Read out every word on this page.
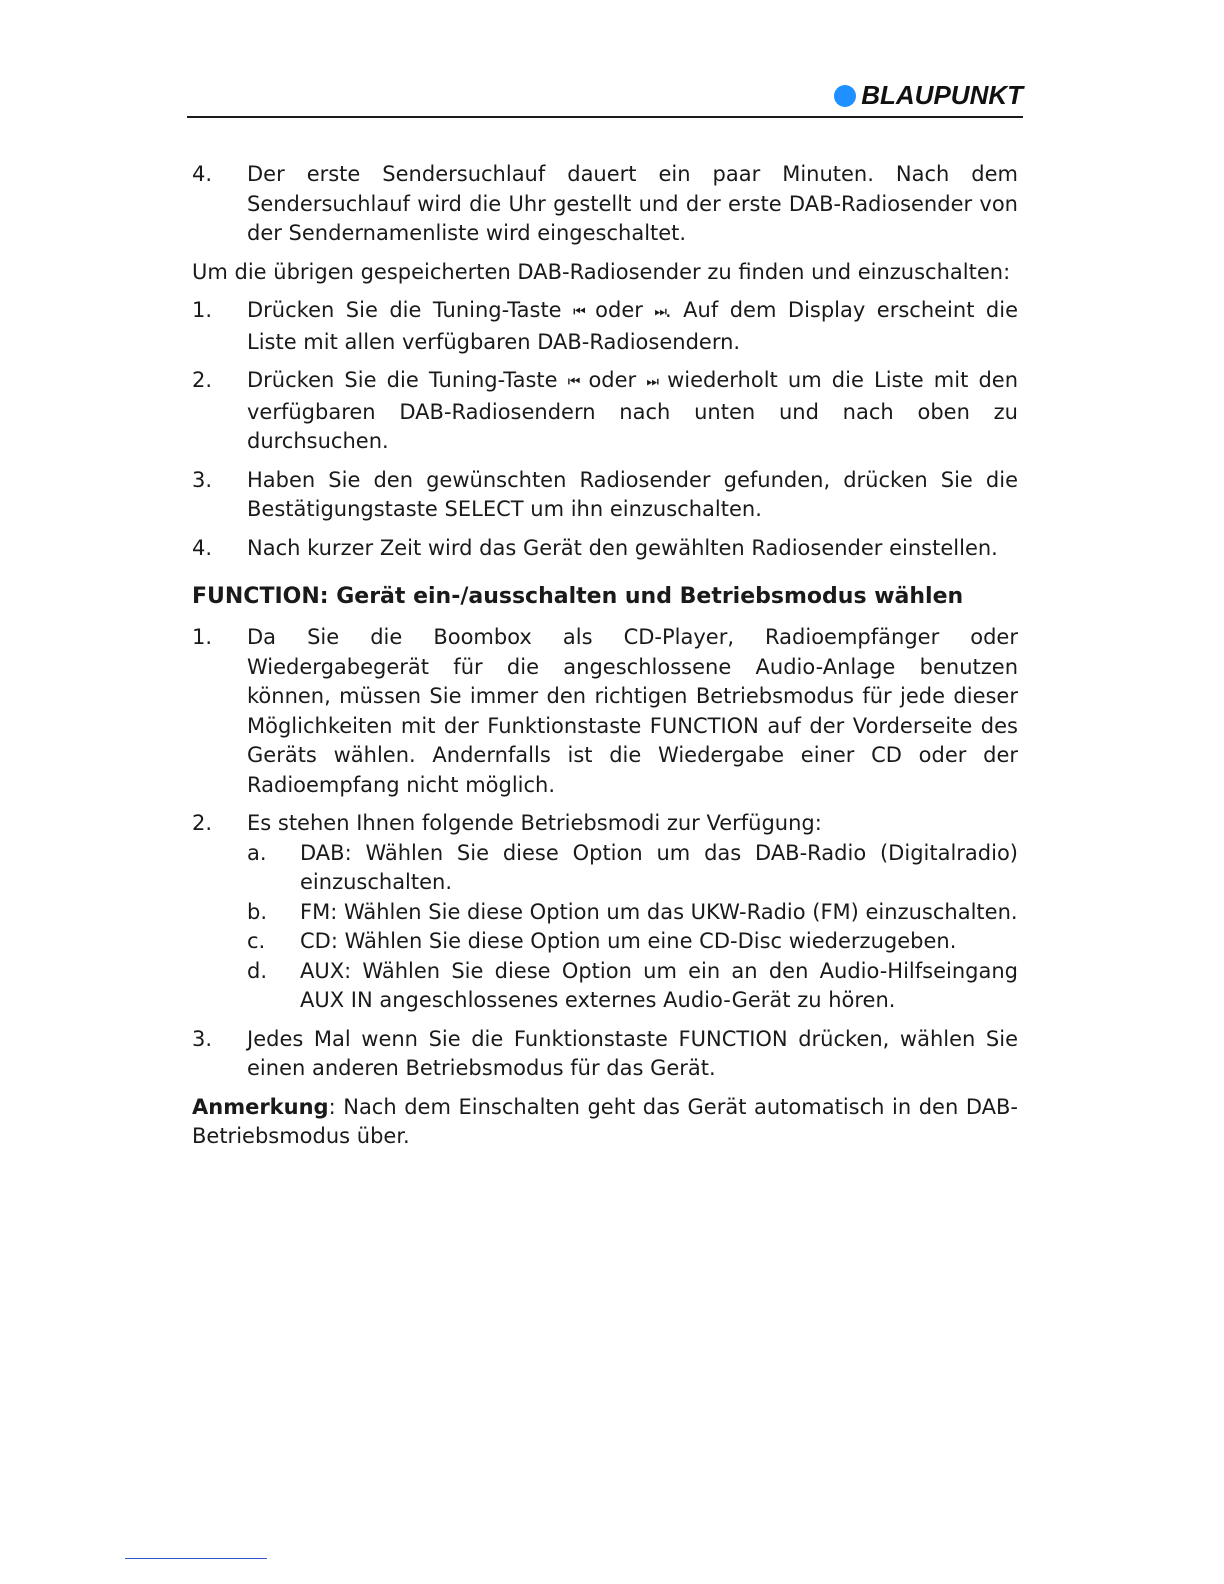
BLAUPUNKT
4.	Der erste Sendersuchlauf dauert ein paar Minuten. Nach dem Sendersuchlauf wird die Uhr gestellt und der erste DAB-Radiosender von der Sendernamenliste wird eingeschaltet.
Um die übrigen gespeicherten DAB-Radiosender zu finden und einzuschalten:
1.	Drücken Sie die Tuning-Taste ⏮ oder ⏭. Auf dem Display erscheint die Liste mit allen verfügbaren DAB-Radiosendern.
2.	Drücken Sie die Tuning-Taste ⏮ oder ⏭ wiederholt um die Liste mit den verfügbaren DAB-Radiosendern nach unten und nach oben zu durchsuchen.
3.	Haben Sie den gewünschten Radiosender gefunden, drücken Sie die Bestätigungstaste SELECT um ihn einzuschalten.
4.	Nach kurzer Zeit wird das Gerät den gewählten Radiosender einstellen.
FUNCTION: Gerät ein-/ausschalten und Betriebsmodus wählen
1.	Da Sie die Boombox als CD-Player, Radioempfänger oder Wiedergabegerät für die angeschlossene Audio-Anlage benutzen können, müssen Sie immer den richtigen Betriebsmodus für jede dieser Möglichkeiten mit der Funktionstaste FUNCTION auf der Vorderseite des Geräts wählen. Andernfalls ist die Wiedergabe einer CD oder der Radioempfang nicht möglich.
2.	Es stehen Ihnen folgende Betriebsmodi zur Verfügung:
a.	DAB: Wählen Sie diese Option um das DAB-Radio (Digitalradio) einzuschalten.
b.	FM: Wählen Sie diese Option um das UKW-Radio (FM) einzuschalten.
c.	CD: Wählen Sie diese Option um eine CD-Disc wiederzugeben.
d.	AUX: Wählen Sie diese Option um ein an den Audio-Hilfseingang AUX IN angeschlossenes externes Audio-Gerät zu hören.
3.	Jedes Mal wenn Sie die Funktionstaste FUNCTION drücken, wählen Sie einen anderen Betriebsmodus für das Gerät.
Anmerkung: Nach dem Einschalten geht das Gerät automatisch in den DAB-Betriebsmodus über.
